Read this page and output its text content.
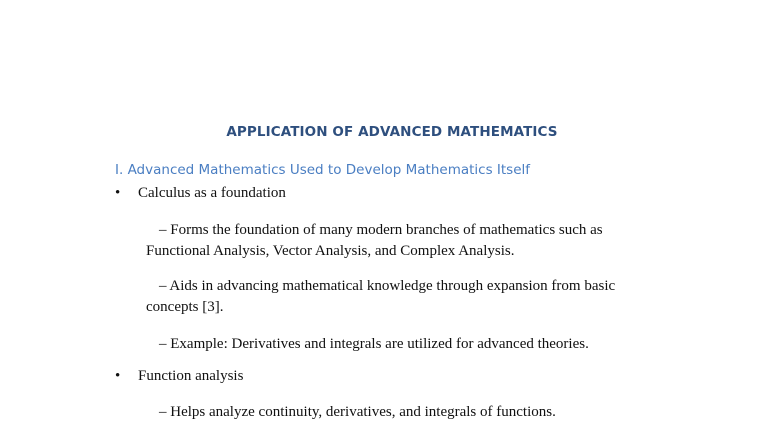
APPLICATION OF ADVANCED MATHEMATICS
I. Advanced Mathematics Used to Develop Mathematics Itself
• Calculus as a foundation
– Forms the foundation of many modern branches of mathematics such as
Functional Analysis, Vector Analysis, and Complex Analysis.
– Aids in advancing mathematical knowledge through expansion from basic
concepts [3].
– Example: Derivatives and integrals are utilized for advanced theories.
• Function analysis
– Helps analyze continuity, derivatives, and integrals of functions.
